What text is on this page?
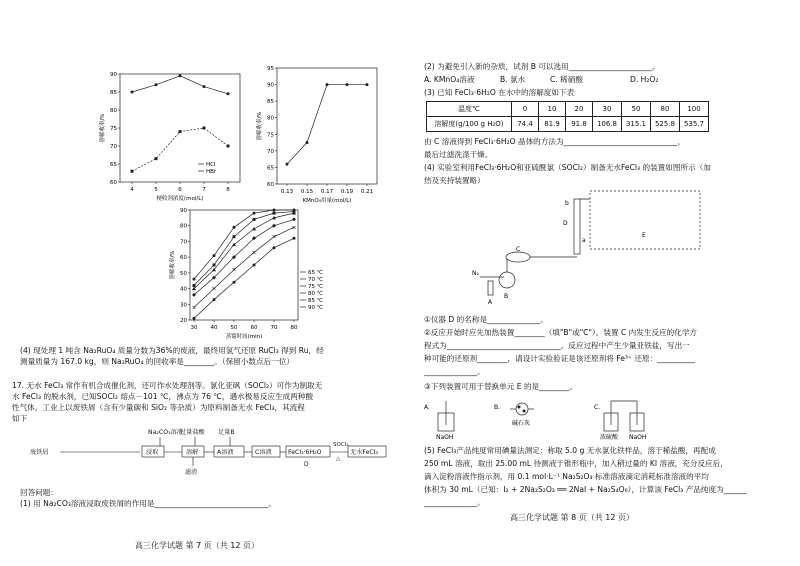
60
65
70
75
80
85
90
4	5	6	7	8
梗收剂浓度(mol/L)
溶解收率/%
HCl
HBr
60
65
70
75
80
85
90
95
0.13 0.15 0.17 0.19 0.21
KMnO₄用量(mol/L)
溶解收率/%
20
30
40
50
60
70
80
90
30 40 50 60 70 80
蒸馏时间(min)
溶解收率/%
×
×
×
×
×
×
65 ℃
70 ℃
75 ℃
80 ℃
85 ℃
90 ℃
(4) 现处理 1 吨含 Na₂RuO₄ 质量分数为36%的废液，最终用氢气还原 RuCl₃ 得到 Ru，经
测量质量为 167.0 kg，则 Na₂RuO₄ 的回收率是________。（保留小数点后一位）
17. 无水 FeCl₃ 常作有机合成催化剂，还可作水处理剂等。氯化亚砜（SOCl₂）可作为制取无
水 FeCl₃ 的脱水剂，已知SOCl₂ 熔点－101 ℃，沸点为 76 ℃，遇水极易反应生成两种酸
性气体。工业上以废铁屑（含有少量碳和 SiO₂ 等杂质）为原料制备无水 FeCl₃，其流程
如下
Na₂CO₃溶液
过量盐酸 足量B
废铁屑	浸取	溶解	A溶液	C溶液	FeCl₃·6H₂O
SOCl₂
△
无水FeCl₃
D
滤渣
回答问题：
(1) 用 Na₂CO₃溶液浸取废铁屑的作用是______________________________。
高三化学试题 第 7 页（共 12 页）
(2) 为避免引入新的杂质，试剂 B 可以选用______________________。
A. KMnO₄溶液	B. 氯水	C. 稀硝酸	D. H₂O₂
(3) 已知 FeCl₃·6H₂O 在水中的溶解度如下表
温度℃	0	10	20	30	50	80	100
溶解度(g/100 g H₂O)	74.4	81.9	91.8	106.8	315.1	525.8	535.7
由 C 溶液得到 FeCl₃·6H₂O 晶体的方法为______________________________，
最后过滤洗涤干燥。
(4) 实验室利用FeCl₃·6H₂O和亚硫酰氯（SOCl₂）制备无水FeCl₃ 的装置如图所示（加
热及夹持装置略）
E
b
a
D
C
N₂
B
A
①仪器 D 的名称是______________。
②反应开始时应先加热装置________（填"B"或"C"）。装置 C 内发生反应的化学方
程式为______________________________。反应过程中产生少量亚铁盐，写出一
种可能的还原剂________，请设计实验验证是该还原剂将 Fe³⁺ 还原：__________
______________。
③下列装置可用于替换单元 E 的是________。
A.
NaOH
B.
碱石灰
C.
浓硫酸 NaOH
(5) FeCl₃产品纯度常用碘量法测定：称取 5.0 g 无水氯化铁样品，溶于稀盐酸，再配成
250 mL 溶液，取出 25.00 mL 待测液于锥形瓶中，加入稍过量的 KI 溶液，充分反应后，
滴入淀粉溶液作指示剂，用 0.1 mol·L⁻¹ Na₂S₂O₃ 标准溶液滴定消耗标准溶液的平均
体积为 30 mL（已知：I₂ + 2Na₂S₂O₃ ══ 2NaI + Na₂S₄O₆），计算该 FeCl₃ 产品纯度为______
______________。
高三化学试题 第 8 页（共 12 页）
